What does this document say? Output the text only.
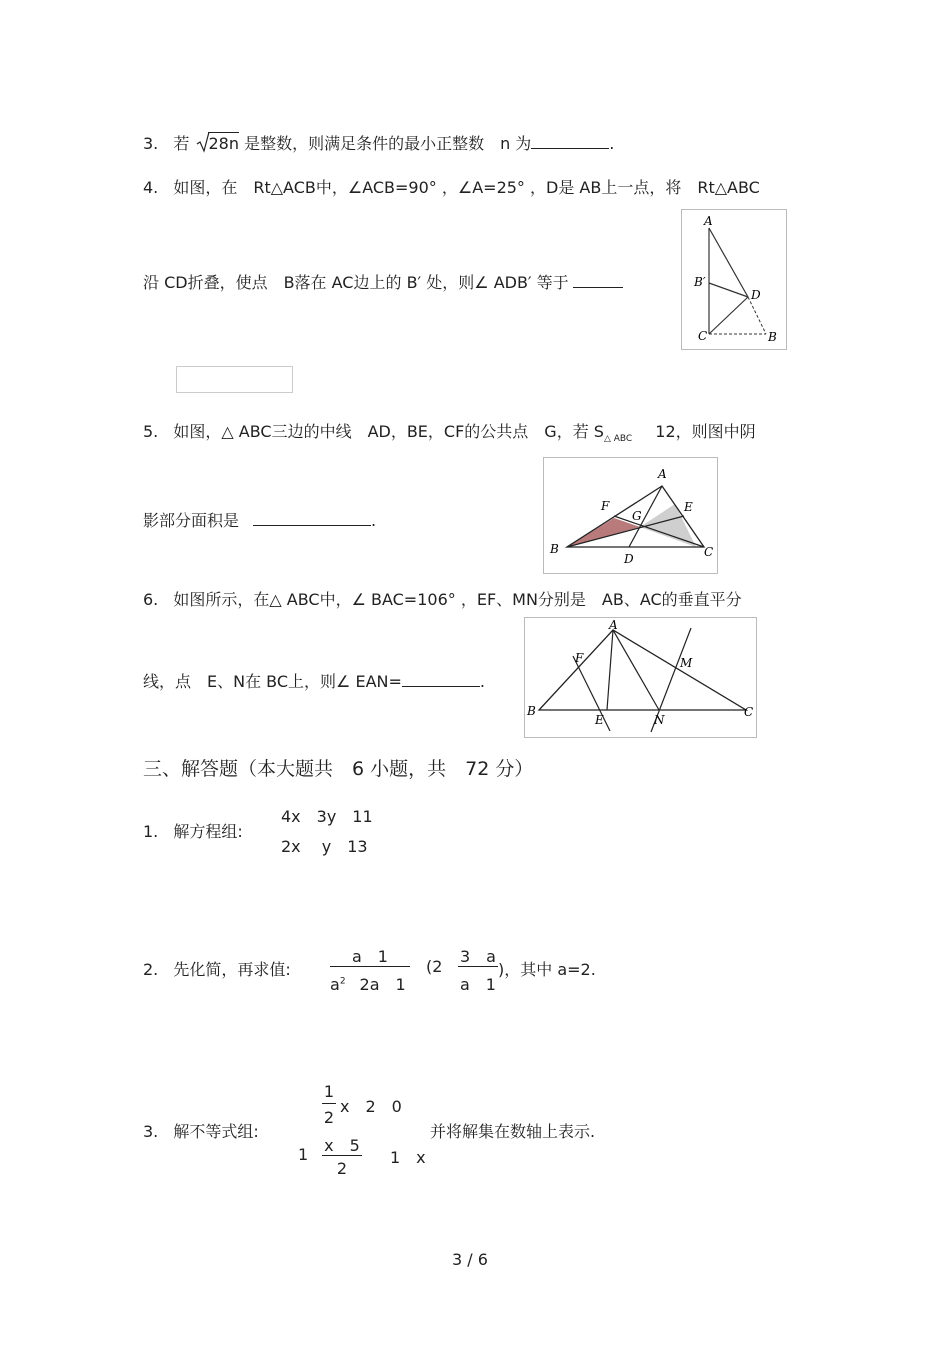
3. 若 28n 是整数，则满足条件的最小正整数　n 为	.
4. 如图，在　Rt△ACB中，∠ACB=90° ，∠A=25° ，D是 AB上一点，将　Rt△ABC
沿 CD折叠，使点　B落在 AC边上的 B′ 处，则∠ ADB′ 等于
A
B′
D
C	B
5. 如图，△ ABC三边的中线　AD，BE，CF的公共点　G，若 $S_{\triangle ABC}$ 12，则图中阴
影部分面积是	.
A
F	E
G
B
D	C
6. 如图所示，在△ ABC中，∠ BAC=106° ，EF、MN分别是　AB、AC的垂直平分
线，点　E、N在 BC上，则∠ EAN=	.
A
F	M
B
E	N
C
三、解答题（本大题共　6 小题，共　72 分）
1. 解方程组:
4x　3y　11
2x　 y　13
2. 先化简，再求值:
a　1
$a^2$ 2a　1
(2
3　a
a　1
)，其中 a=2.
3. 解不等式组:
1
2
x　2　0
1 x　5
2
1　x
并将解集在数轴上表示.
3 / 6
